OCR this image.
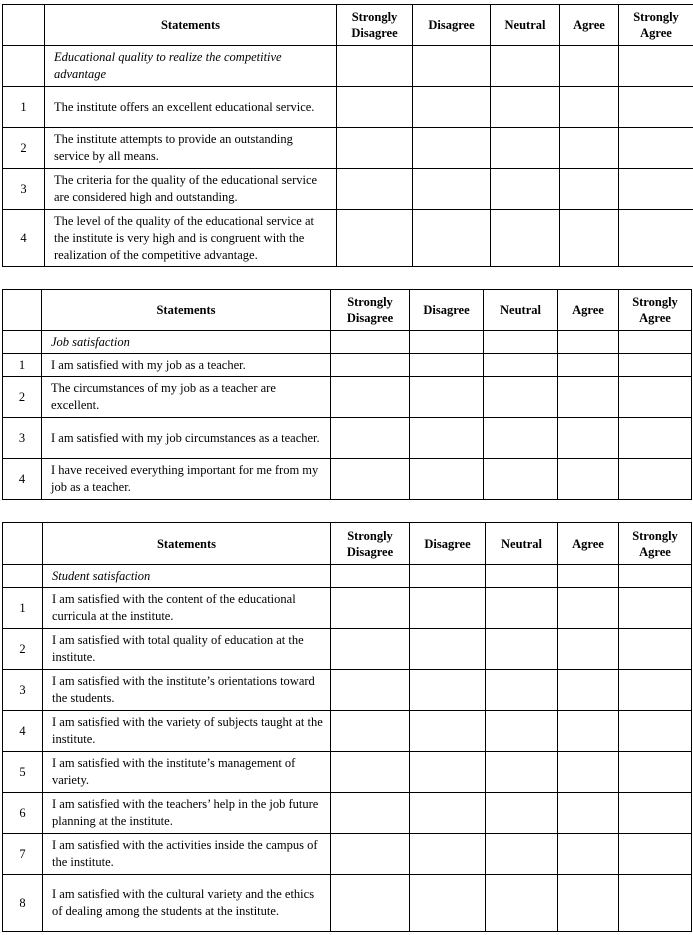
	Statements	Strongly Disagree	Disagree	Neutral	Agree	Strongly Agree
	Educational quality to realize the competitive advantage					
1	The institute offers an excellent educational service.					
2	The institute attempts to provide an outstanding service by all means.					
3	The criteria for the quality of the educational service are considered high and outstanding.					
4	The level of the quality of the educational service at the institute is very high and is congruent with the realization of the competitive advantage.					
	Statements	Strongly Disagree	Disagree	Neutral	Agree	Strongly Agree
	Job satisfaction					
1	I am satisfied with my job as a teacher.					
2	The circumstances of my job as a teacher are excellent.					
3	I am satisfied with my job circumstances as a teacher.					
4	I have received everything important for me from my job as a teacher.					
	Statements	Strongly Disagree	Disagree	Neutral	Agree	Strongly Agree
	Student satisfaction					
1	I am satisfied with the content of the educational curricula at the institute.					
2	I am satisfied with total quality of education at the institute.					
3	I am satisfied with the institute’s orientations toward the students.					
4	I am satisfied with the variety of subjects taught at the institute.					
5	I am satisfied with the institute’s management of variety.					
6	I am satisfied with the teachers’ help in the job future planning at the institute.					
7	I am satisfied with the activities inside the campus of the institute.					
8	I am satisfied with the cultural variety and the ethics of dealing among the students at the institute.					
